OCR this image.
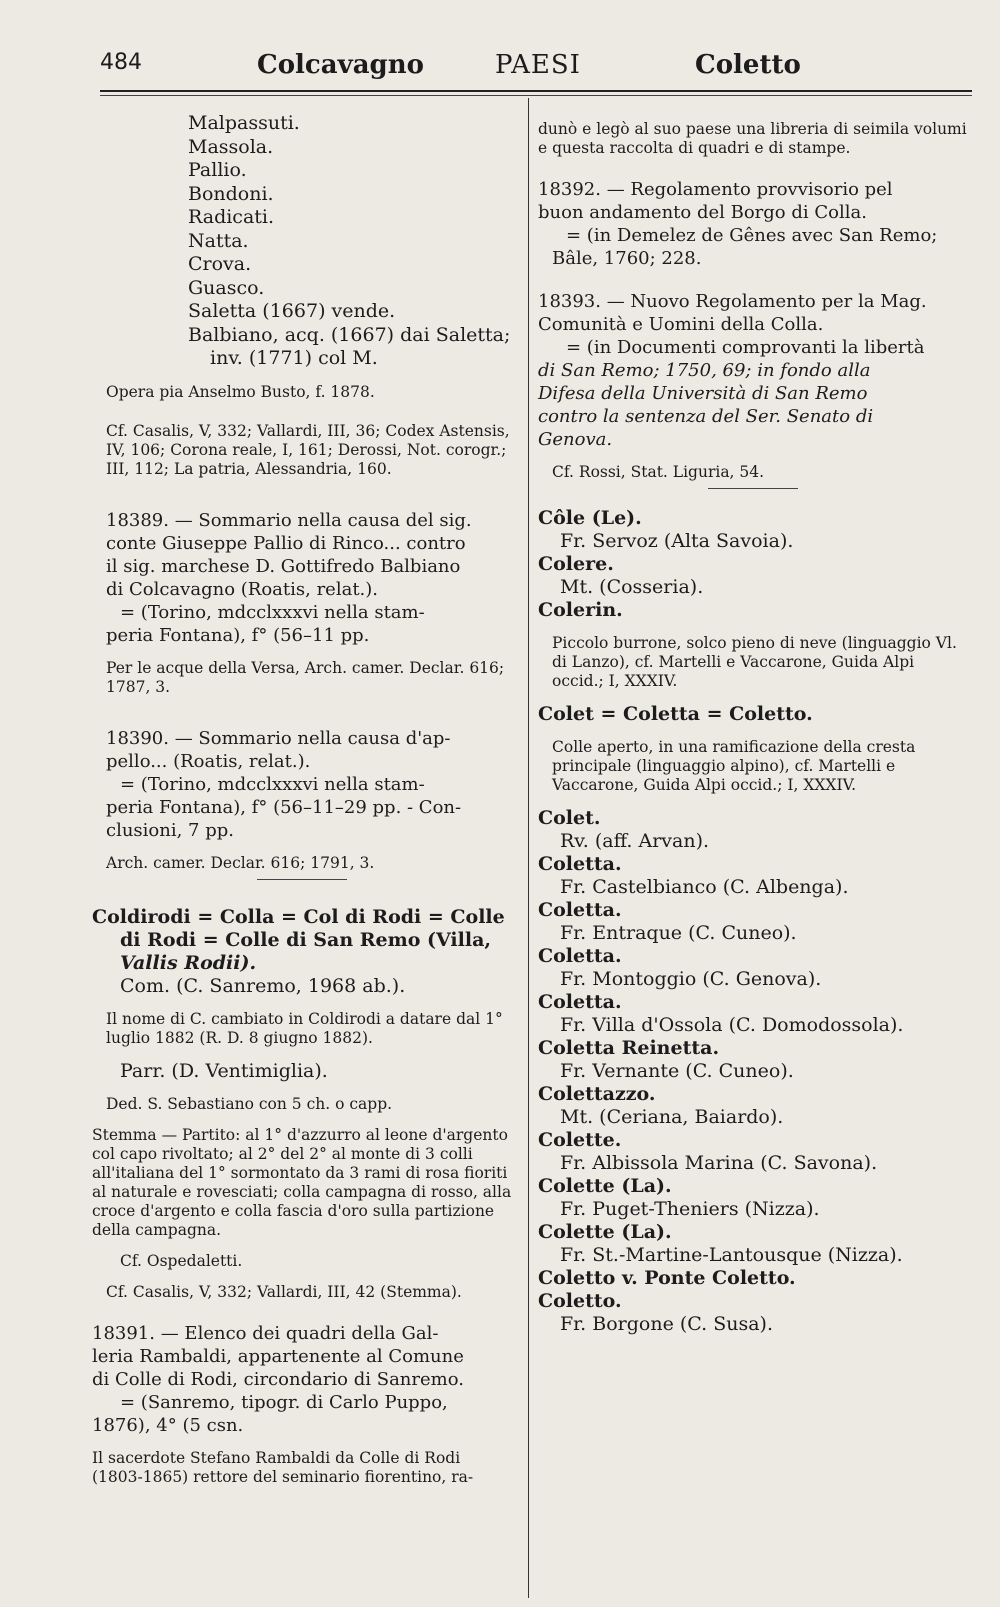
484	Colcavagno	PAESI	Coletto
Malpassuti.
Massola.
Pallio.
Bondoni.
Radicati.
Natta.
Crova.
Guasco.
Saletta (1667) vende.
Balbiano, acq. (1667) dai Saletta;
inv. (1771) col M.
Opera pia Anselmo Busto, f. 1878.
Cf. Casalis, V, 332; Vallardi, III, 36; Codex Astensis, IV, 106; Corona reale, I, 161; Derossi, Not. corogr.; III, 112; La patria, Alessandria, 160.
18389. — Sommario nella causa del sig.
conte Giuseppe Pallio di Rinco... contro
il sig. marchese D. Gottifredo Balbiano
di Colcavagno (Roatis, relat.).
= (Torino, mdcclxxxvi nella stam-
peria Fontana), f° (56–11 pp.
Per le acque della Versa, Arch. camer. Declar. 616; 1787, 3.
18390. — Sommario nella causa d'ap-
pello... (Roatis, relat.).
= (Torino, mdcclxxxvi nella stam-
peria Fontana), f° (56–11–29 pp. - Con-
clusioni, 7 pp.
Arch. camer. Declar. 616; 1791, 3.
Coldirodi = Colla = Col di Rodi = Colle
di Rodi = Colle di San Remo (Villa,
Vallis Rodii).
Com. (C. Sanremo, 1968 ab.).
Il nome di C. cambiato in Coldirodi a datare dal 1° luglio 1882 (R. D. 8 giugno 1882).
Parr. (D. Ventimiglia).
Ded. S. Sebastiano con 5 ch. o capp.
Stemma — Partito: al 1° d'azzurro al leone d'argento col capo rivoltato; al 2° del 2° al monte di 3 colli all'italiana del 1° sormontato da 3 rami di rosa fioriti al naturale e rovesciati; colla campagna di rosso, alla croce d'argento e colla fascia d'oro sulla partizione della campagna.
Cf. Ospedaletti.
Cf. Casalis, V, 332; Vallardi, III, 42 (Stemma).
18391. — Elenco dei quadri della Gal-
leria Rambaldi, appartenente al Comune
di Colle di Rodi, circondario di Sanremo.
= (Sanremo, tipogr. di Carlo Puppo,
1876), 4° (5 csn.
Il sacerdote Stefano Rambaldi da Colle di Rodi (1803-1865) rettore del seminario fiorentino, ra-
dunò e legò al suo paese una libreria di seimila volumi e questa raccolta di quadri e di stampe.
18392. — Regolamento provvisorio pel
buon andamento del Borgo di Colla.
= (in Demelez de Gênes avec San Remo;
Bâle, 1760; 228.
18393. — Nuovo Regolamento per la Mag.
Comunità e Uomini della Colla.
= (in Documenti comprovanti la libertà
di San Remo; 1750, 69; in fondo alla
Difesa della Università di San Remo
contro la sentenza del Ser. Senato di
Genova.
Cf. Rossi, Stat. Liguria, 54.
Côle (Le).
Fr. Servoz (Alta Savoia).
Colere.
Mt. (Cosseria).
Colerin.
Piccolo burrone, solco pieno di neve (linguaggio Vl. di Lanzo), cf. Martelli e Vaccarone, Guida Alpi occid.; I, XXXIV.
Colet = Coletta = Coletto.
Colle aperto, in una ramificazione della cresta principale (linguaggio alpino), cf. Martelli e Vaccarone, Guida Alpi occid.; I, XXXIV.
Colet.
Rv. (aff. Arvan).
Coletta.
Fr. Castelbianco (C. Albenga).
Coletta.
Fr. Entraque (C. Cuneo).
Coletta.
Fr. Montoggio (C. Genova).
Coletta.
Fr. Villa d'Ossola (C. Domodossola).
Coletta Reinetta.
Fr. Vernante (C. Cuneo).
Colettazzo.
Mt. (Ceriana, Baiardo).
Colette.
Fr. Albissola Marina (C. Savona).
Colette (La).
Fr. Puget-Theniers (Nizza).
Colette (La).
Fr. St.-Martine-Lantousque (Nizza).
Coletto v. Ponte Coletto.
Coletto.
Fr. Borgone (C. Susa).
